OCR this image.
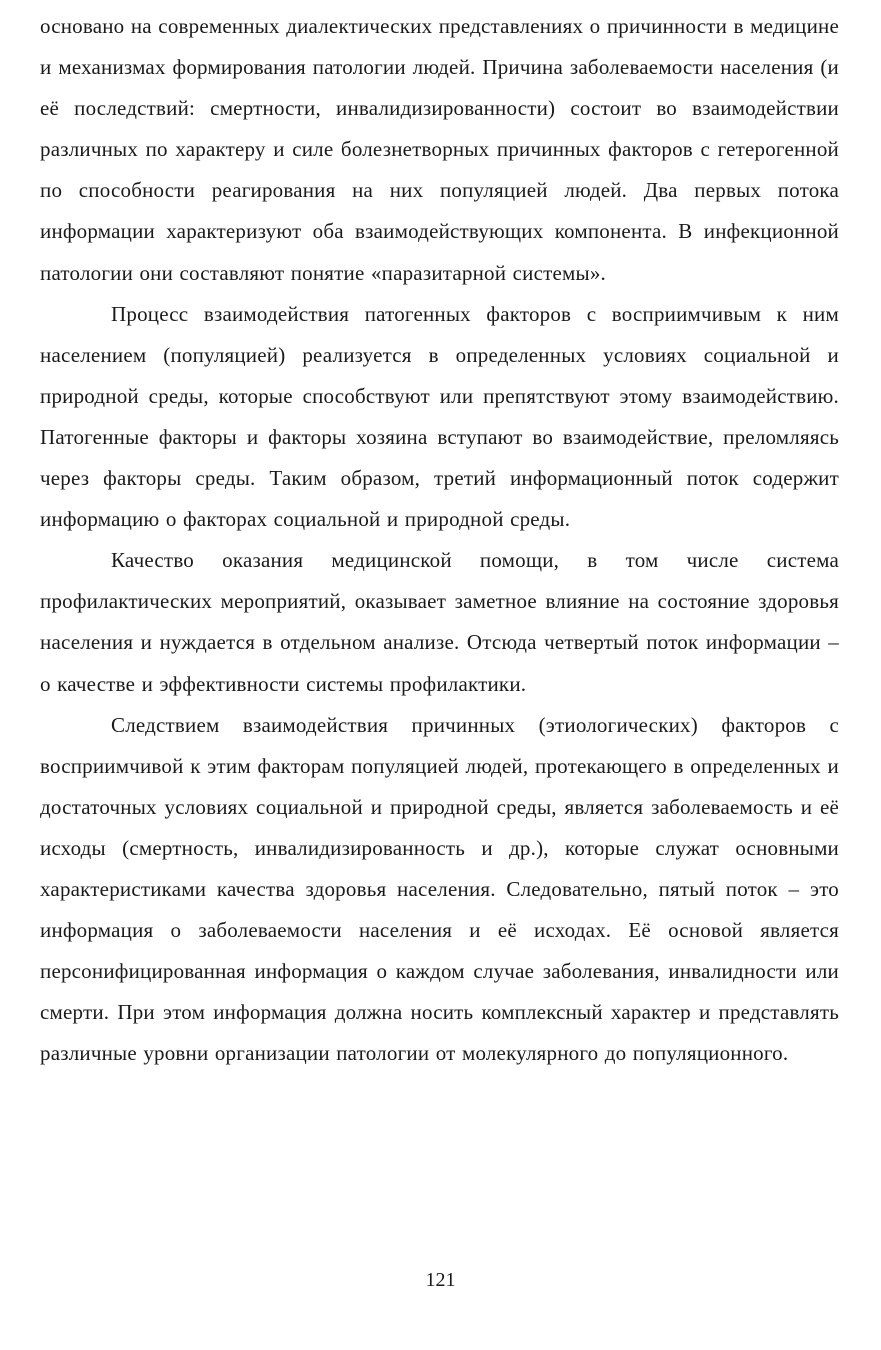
основано на современных диалектических представлениях о причинности в медицине и механизмах формирования патологии людей. Причина заболеваемости населения (и её последствий: смертности, инвалидизированности) состоит во взаимодействии различных по характеру и силе болезнетворных причинных факторов с гетерогенной по способности реагирования на них популяцией людей. Два первых потока информации характеризуют оба взаимодействующих компонента. В инфекционной патологии они составляют понятие «паразитарной системы».

Процесс взаимодействия патогенных факторов с восприимчивым к ним населением (популяцией) реализуется в определенных условиях социальной и природной среды, которые способствуют или препятствуют этому взаимодействию. Патогенные факторы и факторы хозяина вступают во взаимодействие, преломляясь через факторы среды. Таким образом, третий информационный поток содержит информацию о факторах социальной и природной среды.

Качество оказания медицинской помощи, в том числе система профилактических мероприятий, оказывает заметное влияние на состояние здоровья населения и нуждается в отдельном анализе. Отсюда четвертый поток информации – о качестве и эффективности системы профилактики.

Следствием взаимодействия причинных (этиологических) факторов с восприимчивой к этим факторам популяцией людей, протекающего в определенных и достаточных условиях социальной и природной среды, является заболеваемость и её исходы (смертность, инвалидизированность и др.), которые служат основными характеристиками качества здоровья населения. Следовательно, пятый поток – это информация о заболеваемости населения и её исходах. Её основой является персонифицированная информация о каждом случае заболевания, инвалидности или смерти. При этом информация должна носить комплексный характер и представлять различные уровни организации патологии от молекулярного до популяционного.

121
